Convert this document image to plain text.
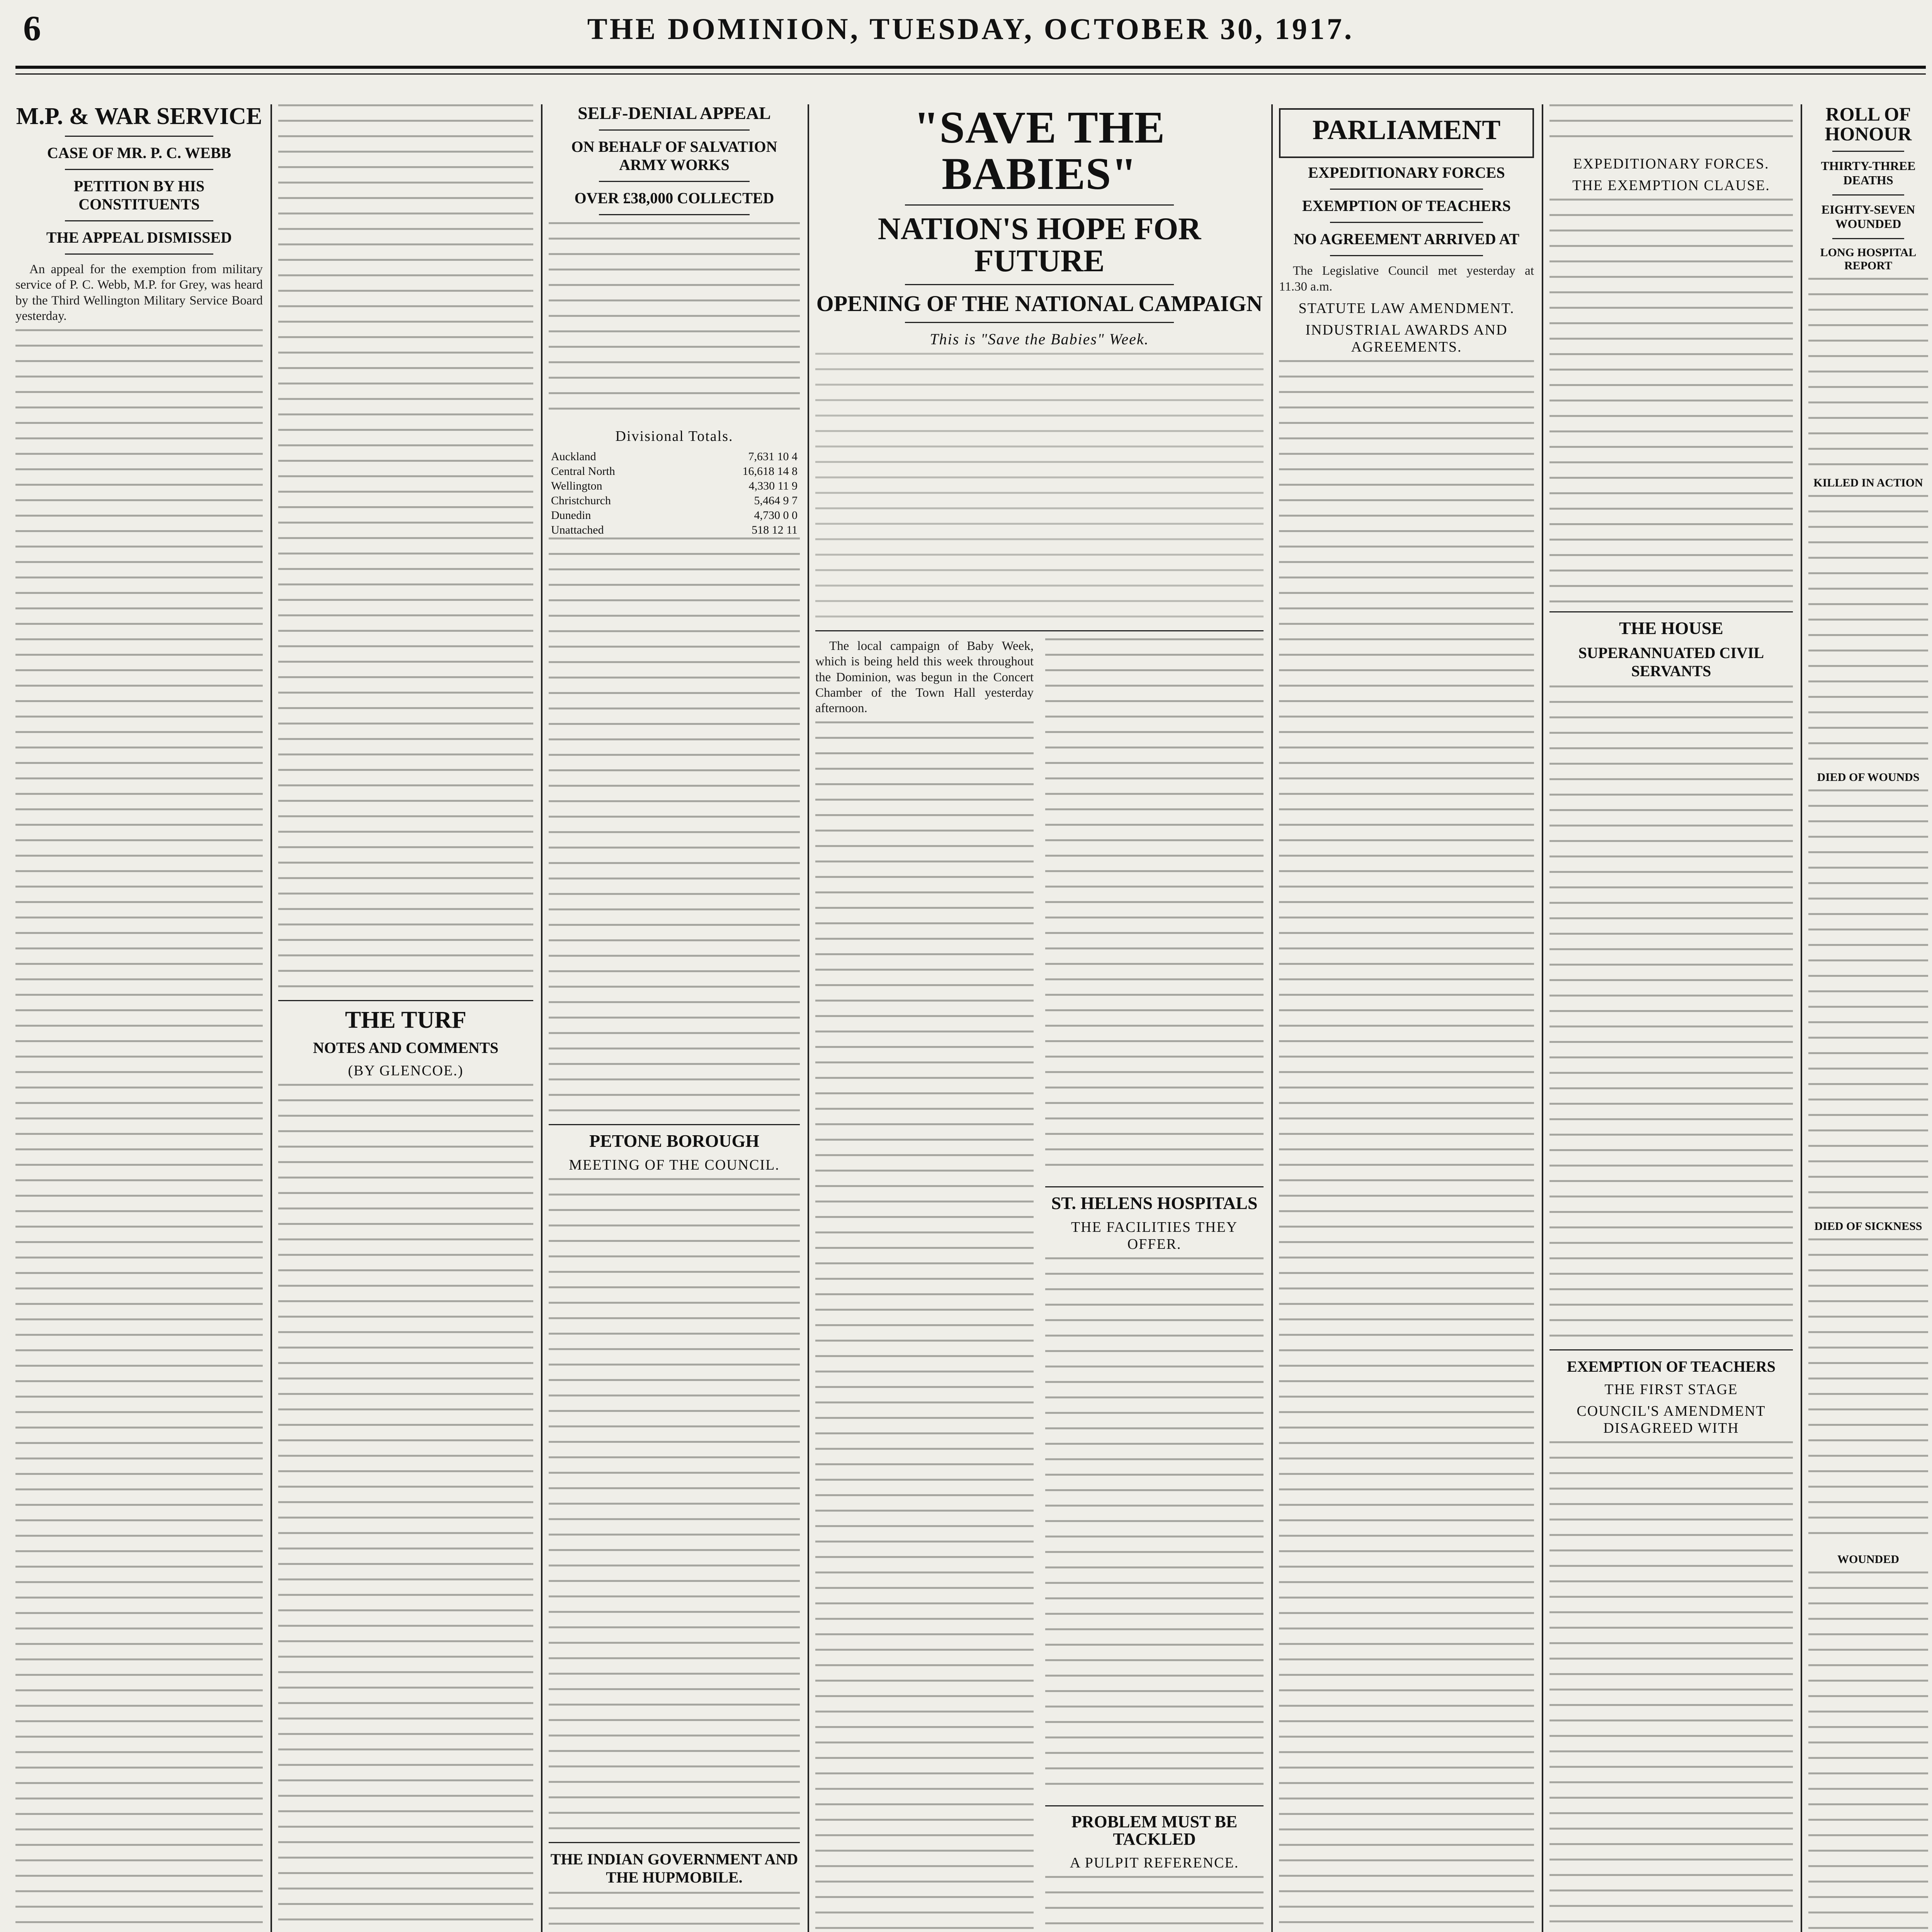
6	THE DOMINION, TUESDAY, OCTOBER 30, 1917.
M.P. & WAR SERVICE
CASE OF MR. P. C. WEBB
PETITION BY HIS CONSTITUENTS
THE APPEAL DISMISSED

An appeal for the exemption from military service of P. C. Webb, M.P. for Grey, was heard by the Third Wellington Military Service Board yesterday.

THE TURF
NOTES AND COMMENTS
(BY GLENCOE.)
SELF-DENIAL APPEAL
ON BEHALF OF SALVATION ARMY WORKS
OVER £38,000 COLLECTED
Divisional Totals.
Auckland	7,631 10 4
Central North	16,618 14 8
Wellington	4,330 11 9
Christchurch	5,464 9 7
Dunedin	4,730 0 0
Unattached	518 12 11
PETONE BOROUGH
MEETING OF THE COUNCIL.
THE INDIAN GOVERNMENT AND THE HUPMOBILE.
"SAVE THE BABIES"
NATION'S HOPE FOR FUTURE
OPENING OF THE NATIONAL CAMPAIGN
This is "Save the Babies" Week.

The local campaign of Baby Week, which is being held this week throughout the Dominion, was begun in the Concert Chamber of the Town Hall yesterday afternoon.

ST. HELENS HOSPITALS
THE FACILITIES THEY OFFER.
PROBLEM MUST BE TACKLED
A PULPIT REFERENCE.
PARLIAMENT
EXPEDITIONARY FORCES
EXEMPTION OF TEACHERS
NO AGREEMENT ARRIVED AT

The Legislative Council met yesterday at 11.30 a.m.

STATUTE LAW AMENDMENT.
INDUSTRIAL AWARDS AND AGREEMENTS.
EXPEDITIONARY FORCES.
THE EXEMPTION CLAUSE.
THE HOUSE
SUPERANNUATED CIVIL SERVANTS
EXEMPTION OF TEACHERS
THE FIRST STAGE
COUNCIL'S AMENDMENT DISAGREED WITH
ROLL OF HONOUR
THIRTY-THREE DEATHS
EIGHTY-SEVEN WOUNDED
LONG HOSPITAL REPORT
KILLED IN ACTION
DIED OF WOUNDS
DIED OF SICKNESS
WOUNDED
